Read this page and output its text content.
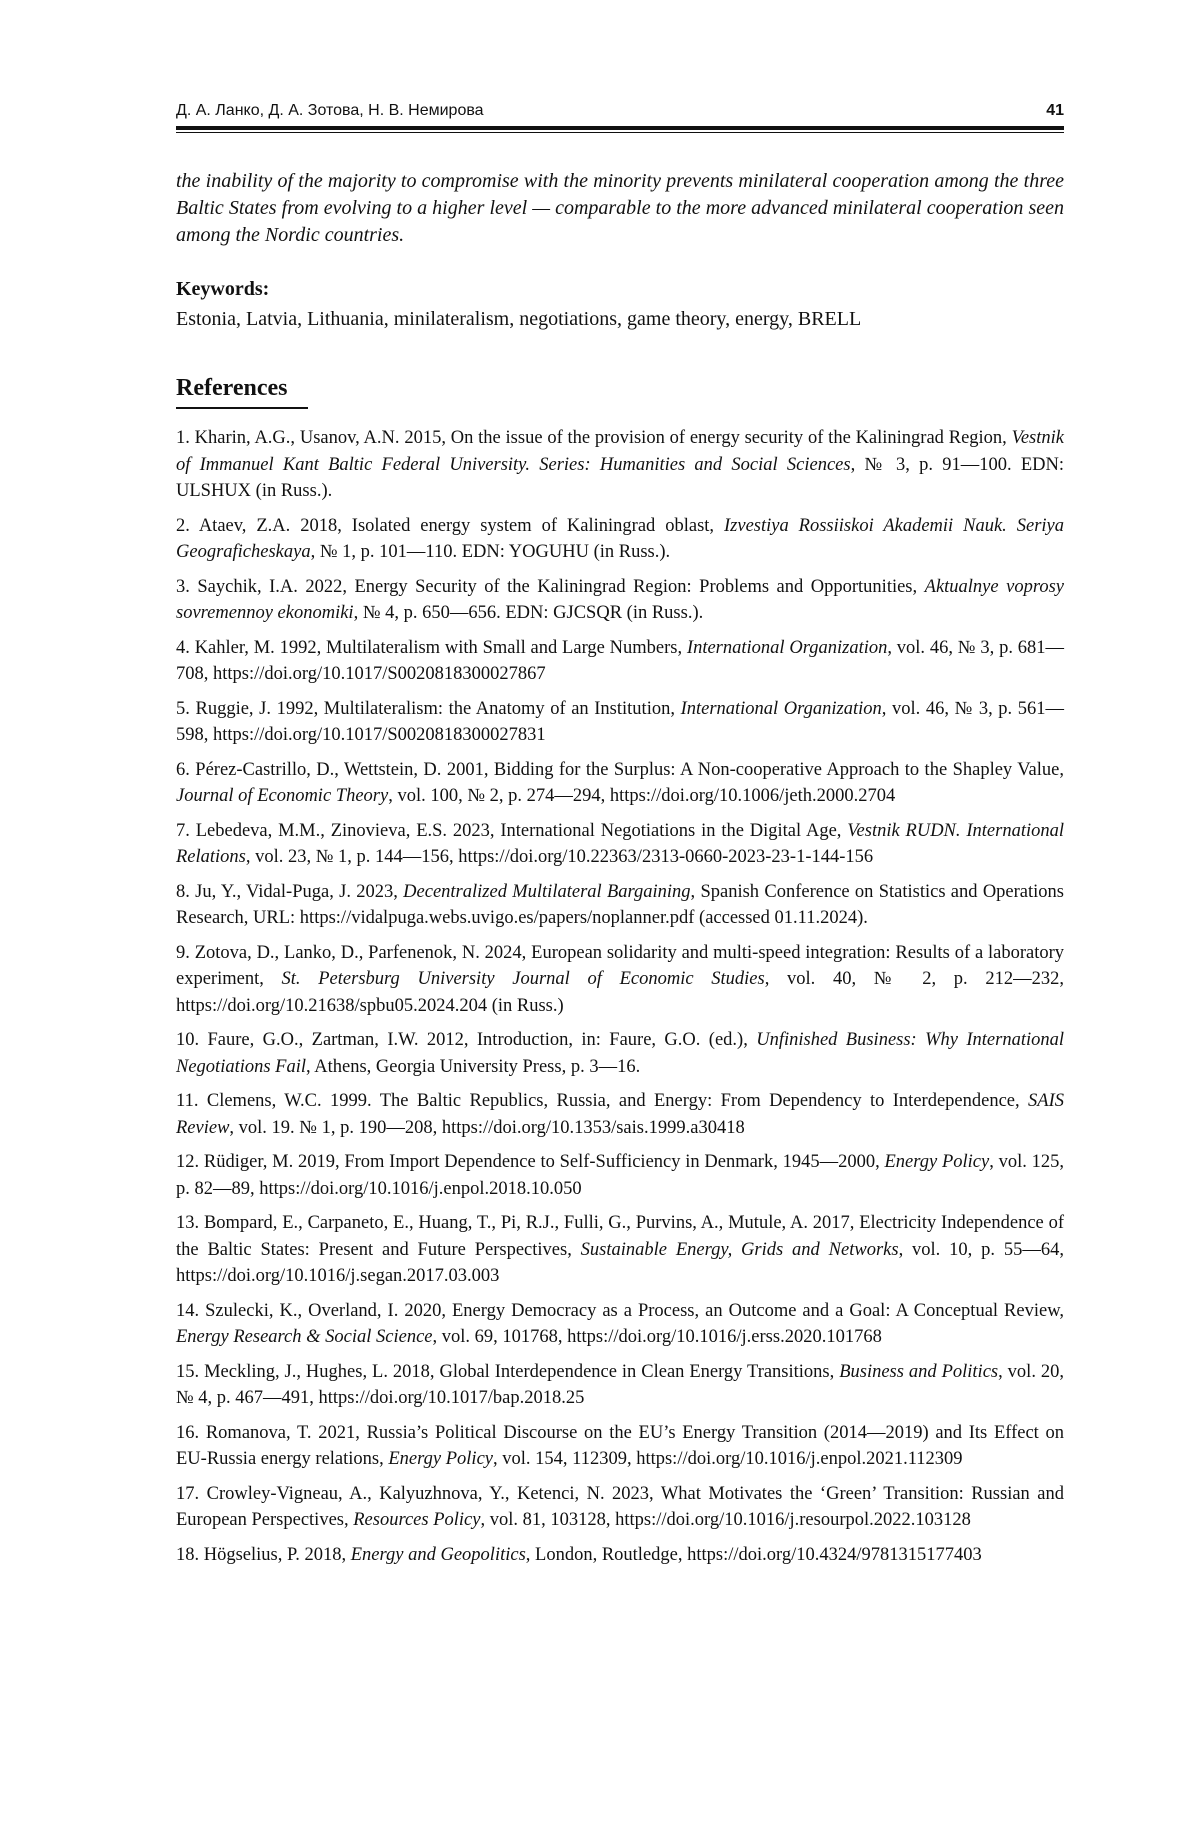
Д. А. Ланко, Д. А. Зотова, Н. В. Немирова	41

the inability of the majority to compromise with the minority prevents minilateral cooperation among the three Baltic States from evolving to a higher level — comparable to the more advanced minilateral cooperation seen among the Nordic countries.

Keywords:

Estonia, Latvia, Lithuania, minilateralism, negotiations, game theory, energy, BRELL

References

1. Kharin, A.G., Usanov, A.N. 2015, On the issue of the provision of energy security of the Kaliningrad Region, Vestnik of Immanuel Kant Baltic Federal University. Series: Humanities and Social Sciences, № 3, p. 91—100. EDN: ULSHUX (in Russ.).

2. Ataev, Z.A. 2018, Isolated energy system of Kaliningrad oblast, Izvestiya Rossiiskoi Akademii Nauk. Seriya Geograficheskaya, № 1, p. 101—110. EDN: YOGUHU (in Russ.).

3. Saychik, I.A. 2022, Energy Security of the Kaliningrad Region: Problems and Opportunities, Aktualnye voprosy sovremennoy ekonomiki, № 4, p. 650—656. EDN: GJCSQR (in Russ.).

4. Kahler, M. 1992, Multilateralism with Small and Large Numbers, International Organization, vol. 46, № 3, p. 681—708, https://doi.org/10.1017/S0020818300027867

5. Ruggie, J. 1992, Multilateralism: the Anatomy of an Institution, International Organization, vol. 46, № 3, p. 561—598, https://doi.org/10.1017/S0020818300027831

6. Pérez-Castrillo, D., Wettstein, D. 2001, Bidding for the Surplus: A Non-cooperative Approach to the Shapley Value, Journal of Economic Theory, vol. 100, № 2, p. 274—294, https://doi.org/10.1006/jeth.2000.2704

7. Lebedeva, M.M., Zinovieva, E.S. 2023, International Negotiations in the Digital Age, Vestnik RUDN. International Relations, vol. 23, № 1, p. 144—156, https://doi.org/10.22363/2313-0660-2023-23-1-144-156

8. Ju, Y., Vidal-Puga, J. 2023, Decentralized Multilateral Bargaining, Spanish Conference on Statistics and Operations Research, URL: https://vidalpuga.webs.uvigo.es/papers/noplanner.pdf (accessed 01.11.2024).

9. Zotova, D., Lanko, D., Parfenenok, N. 2024, European solidarity and multi-speed integration: Results of a laboratory experiment, St. Petersburg University Journal of Economic Studies, vol. 40, № 2, p. 212—232, https://doi.org/10.21638/spbu05.2024.204 (in Russ.)

10. Faure, G.O., Zartman, I.W. 2012, Introduction, in: Faure, G.O. (ed.), Unfinished Business: Why International Negotiations Fail, Athens, Georgia University Press, p. 3—16.

11. Clemens, W.C. 1999. The Baltic Republics, Russia, and Energy: From Dependency to Interdependence, SAIS Review, vol. 19. № 1, p. 190—208, https://doi.org/10.1353/sais.1999.a30418

12. Rüdiger, M. 2019, From Import Dependence to Self-Sufficiency in Denmark, 1945—2000, Energy Policy, vol. 125, p. 82—89, https://doi.org/10.1016/j.enpol.2018.10.050

13. Bompard, E., Carpaneto, E., Huang, T., Pi, R.J., Fulli, G., Purvins, A., Mutule, A. 2017, Electricity Independence of the Baltic States: Present and Future Perspectives, Sustainable Energy, Grids and Networks, vol. 10, p. 55—64, https://doi.org/10.1016/j.segan.2017.03.003

14. Szulecki, K., Overland, I. 2020, Energy Democracy as a Process, an Outcome and a Goal: A Conceptual Review, Energy Research & Social Science, vol. 69, 101768, https://doi.org/10.1016/j.erss.2020.101768

15. Meckling, J., Hughes, L. 2018, Global Interdependence in Clean Energy Transitions, Business and Politics, vol. 20, № 4, p. 467—491, https://doi.org/10.1017/bap.2018.25

16. Romanova, T. 2021, Russia’s Political Discourse on the EU’s Energy Transition (2014—2019) and Its Effect on EU-Russia energy relations, Energy Policy, vol. 154, 112309, https://doi.org/10.1016/j.enpol.2021.112309

17. Crowley-Vigneau, A., Kalyuzhnova, Y., Ketenci, N. 2023, What Motivates the ‘Green’ Transition: Russian and European Perspectives, Resources Policy, vol. 81, 103128, https://doi.org/10.1016/j.resourpol.2022.103128

18. Högselius, P. 2018, Energy and Geopolitics, London, Routledge, https://doi.org/10.4324/9781315177403
